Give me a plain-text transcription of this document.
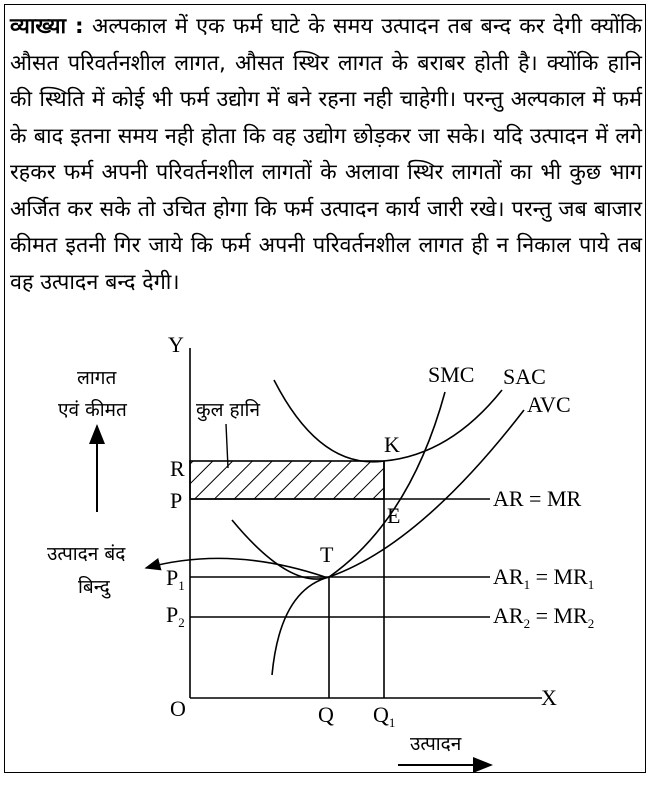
व्याख्या : अल्पकाल में एक फर्म घाटे के समय उत्पादन तब बन्द कर देगी क्योंकि औसत परिवर्तनशील लागत, औसत स्थिर लागत के बराबर होती है। क्योंकि हानि की स्थिति में कोई भी फर्म उद्योग में बने रहना नही चाहेगी। परन्तु अल्पकाल में फर्म के बाद इतना समय नही होता कि वह उद्योग छोड़कर जा सके। यदि उत्पादन में लगे रहकर फर्म अपनी परिवर्तनशील लागतों के अलावा स्थिर लागतों का भी कुछ भाग अर्जित कर सके तो उचित होगा कि फर्म उत्पादन कार्य जारी रखे। परन्तु जब बाजार कीमत इतनी गिर जाये कि फर्म अपनी परिवर्तनशील लागत ही न निकाल पाये तब वह उत्पादन बन्द देगी।

Y
X
O
SMC SAC
AVC
K
E
T
R
P
$P_1$
$P_2$
Q $Q_1$
AR = MR
$AR_1 = MR_1$
$AR_2 = MR_2$
लागत
एवं कीमत	कुल हानि
उत्पादन बंद
बिन्दु
उत्पादन
